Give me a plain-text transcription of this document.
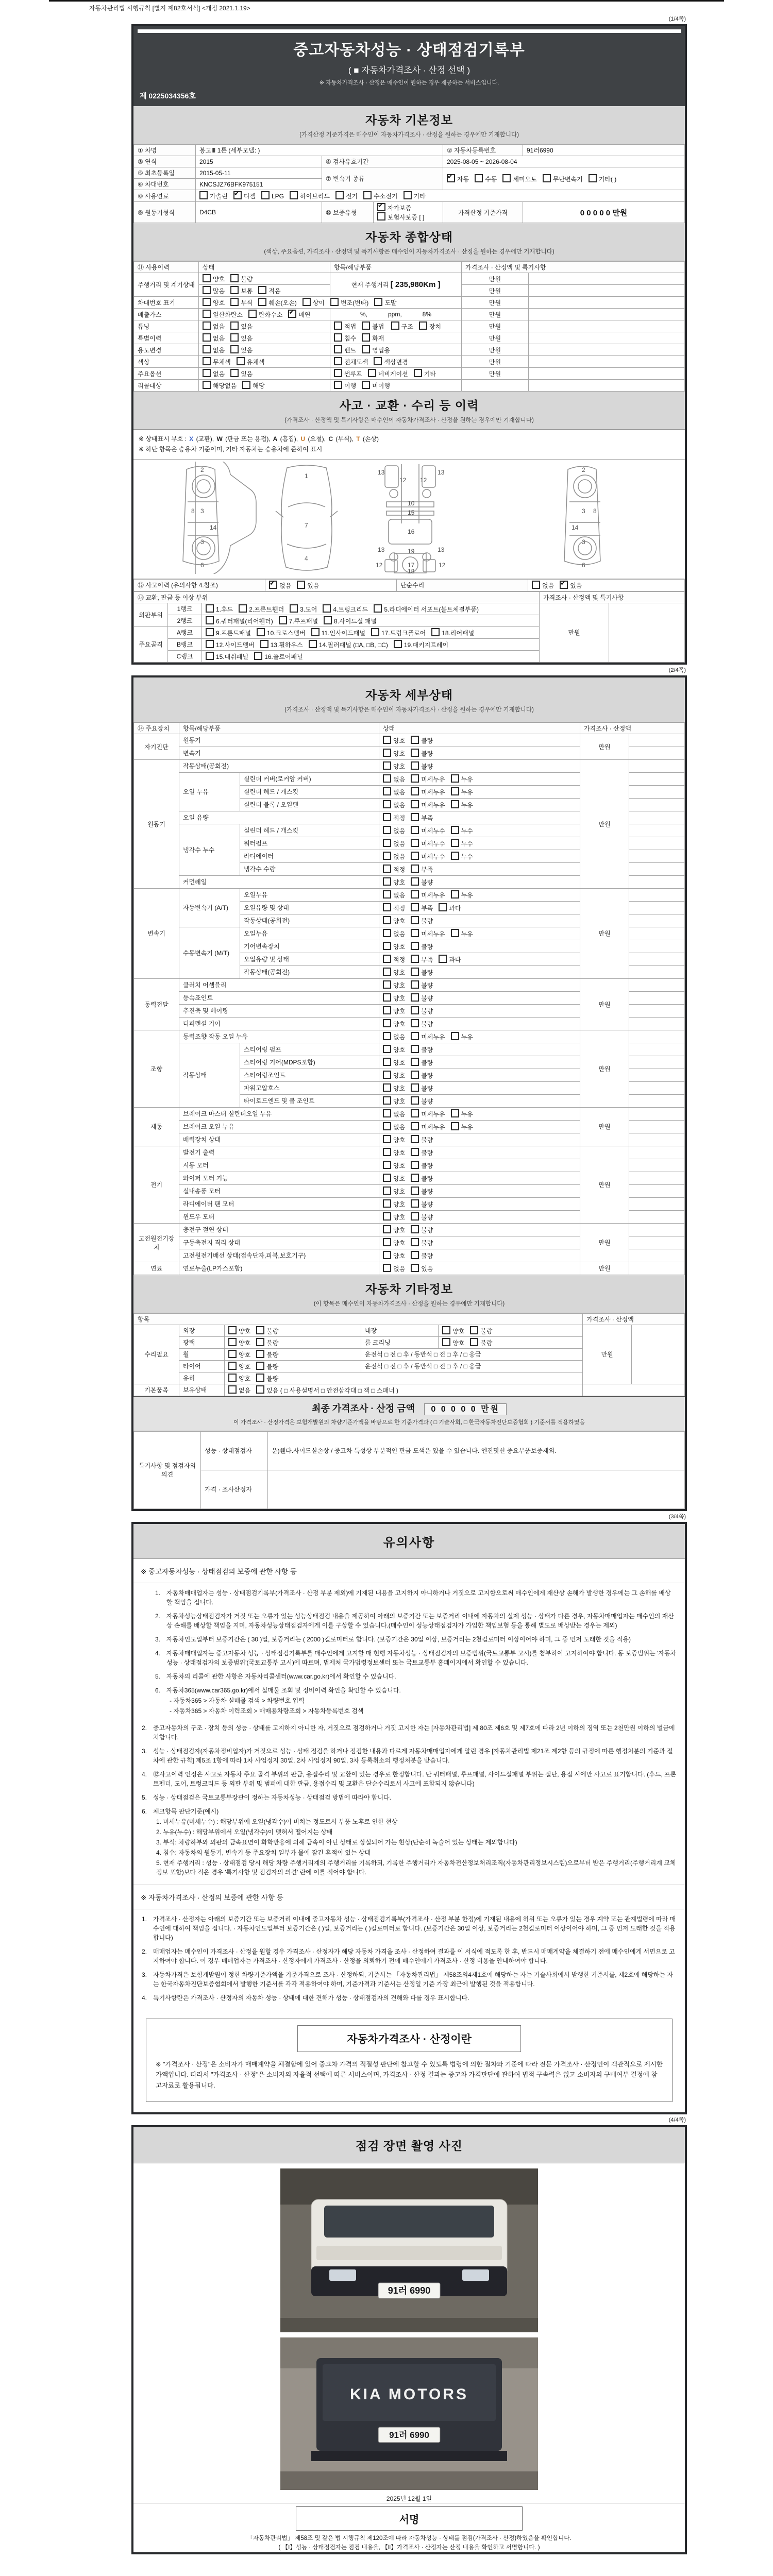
자동차관리법 시행규칙 [별지 제82호서식] <개정 2021.1.19>
(1/4쪽)
중고자동차성능 · 상태점검기록부
( ■ 자동차가격조사 · 산정 선택 )
※ 자동차가격조사 · 산정은 매수인이 원하는 경우 제공하는 서비스입니다.
제 0225034356호
자동차 기본정보
(가격산정 기준가격은 매수인이 자동차가격조사 · 산정을 원하는 경우에만 기재합니다)
① 차명	봉고Ⅲ 1톤 (세부모델: )			② 자동차등록번호	91러6990
③ 연식	2015	④ 검사유효기간		2025-08-05 ~ 2026-08-04	
⑤ 최초등록일	2015-05-11	⑦ 변속기 종류	✔자동 수동 세미오토 무단변속기 기타( )
⑥ 차대번호	KNCSJZ76BFK975151				
⑧ 사용연료	가솔린 ✔ 디젤 LPG 하이브리드 전기 수소전기 기타
⑨ 원동기형식	D4CB	⑩ 보증유형	✔자가보증보험사보증 [ ]	가격산정 기준가격	0 0 0 0 0 만원
자동차 종합상태
(색상, 주요옵션, 가격조사 · 산정액 및 특기사항은 매수인이 자동차가격조사 · 산정을 원하는 경우에만 기재합니다)
⑪ 사용이력	상태	항목/해당부품	가격조사 · 산정액 및 특기사항	
주행거리 및 계기상태	양호 불량	현재 주행거리 [ 235,980Km ]	만원	
	많음 보통 적음		만원	
차대번호 표기	양호 부식 훼손(오손) 상이 변조(변타) 도말		만원	
배출가스	일산화탄소 탄화수소 ✔ 매연	%,            ppm,            8%	만원	
튜닝	없음 있음	적법 불법 구조 장치	만원	
특별이력	없음 있음	침수 화재	만원	
용도변경	없음 있음	렌트 영업용	만원	
색상	무채색 유채색	전체도색 색상변경	만원	
주요옵션	없음 있음	썬루프 네비게이션 기타	만원	
리콜대상	해당없음 해당	이행 미이행		
사고 · 교환 · 수리 등 이력
(가격조사 · 산정액 및 특기사항은 매수인이 자동차가격조사 · 산정을 원하는 경우에만 기재합니다)
※ 상태표시 부호 : X (교환), W (판금 또는 용접), A (흠집), U (요철), C (부식), T (손상)
※ 하단 항목은 승용차 기준이며, 기타 자동차는 승용차에 준하여 표시
2
8 3
14
3
6
1
7
4
13	13
12 12
10
15
16
13	13
19
12	12
17
18
2
8
3
14
3
6
⑫ 사고이력 (유의사항 4.참조)	✔없음	있음	단순수리	없음 ✔	있음
⑬ 교환, 판금 등 이상 부위			가격조사 · 산정액 및 특기사항	
외판부위	1랭크	1.후드 2.프론트휀더 3.도어 4.트렁크리드 5.라디에이터 서포트(볼트체결부품)	만원	
	2랭크	6.쿼터패널(리어휀더) 7.루프패널 8.사이드실 패널		
주요골격	A랭크	9.프론트패널 10.크로스멤버 11.인사이드패널 17.트렁크플로어 18.리어패널		
	B랭크	12.사이드멤버 13.휠하우스 14.필러패널 (□A, □B, □C) 19.패키지트레이		
	C랭크	15.대쉬패널 16.플로어패널		
(2/4쪽)
자동차 세부상태
(가격조사 · 산정액 및 특기사항은 매수인이 자동차가격조사 · 산정을 원하는 경우에만 기재합니다)
⑭ 주요장치	항목/해당부품		상태	가격조사 · 산정액	
자기진단	원동기		양호 불량	만원	
	변속기		양호 불량		
원동기	작동상태(공회전)		양호 불량	만원	
	오일 누유	실린더 커버(로커암 커버)	없음 미세누유 누유		
		실린더 헤드 / 개스킷	없음 미세누유 누유		
		실린더 블록 / 오일팬	없음 미세누유 누유		
	오일 유량		적정 부족		
	냉각수 누수	실린더 헤드 / 개스킷	없음 미세누수 누수		
		워터펌프	없음 미세누수 누수		
		라디에이터	없음 미세누수 누수		
		냉각수 수량	적정 부족		
	커먼레일		양호 불량		
변속기	자동변속기 (A/T)	오일누유	없음 미세누유 누유	만원	
		오일유량 및 상태	적정 부족 과다		
		작동상태(공회전)	양호 불량		
	수동변속기 (M/T)	오일누유	없음 미세누유 누유		
		기어변속장치	양호 불량		
		오일유량 및 상태	적정 부족 과다		
		작동상태(공회전)	양호 불량		
동력전달	클러치 어셈블리		양호 불량	만원	
	등속죠인트		양호 불량		
	추진축 및 베어링		양호 불량		
	디퍼렌셜 기어		양호 불량		
조향	동력조향 작동 오일 누유		없음 미세누유 누유	만원	
	작동상태	스티어링 펌프	양호 불량		
		스티어링 기어(MDPS포함)	양호 불량		
		스티어링조인트	양호 불량		
		파워고압호스	양호 불량		
		타이로드엔드 및 볼 조인트	양호 불량		
제동	브레이크 마스터 실린더오일 누유		없음 미세누유 누유	만원	
	브레이크 오일 누유		없음 미세누유 누유		
	배력장치 상태		양호 불량		
전기	발전기 출력		양호 불량	만원	
	시동 모터		양호 불량		
	와이퍼 모터 기능		양호 불량		
	실내송풍 모터		양호 불량		
	라디에이터 팬 모터		양호 불량		
	윈도우 모터		양호 불량		
고전원전기장치	충전구 절연 상태		양호 불량	만원	
	구동축전지 격리 상태		양호 불량		
	고전원전기배선 상태(접속단자,피복,보호기구)		양호 불량		
연료	연료누출(LP가스포함)		없음 있음	만원	
자동차 기타정보
(이 항목은 매수인이 자동차가격조사 · 산정을 원하는 경우에만 기재합니다)
항목					가격조사 · 산정액	
수리필요	외장	양호 불량	내장	양호 불량	만원	
	광택	양호 불량	룸 크리닝	양호 불량		
	휠	양호 불량	운전석 □ 전 □ 후 / 동반석 □ 전 □ 후 / □ 응급			
	타이어	양호 불량	운전석 □ 전 □ 후 / 동반석 □ 전 □ 후 / □ 응급			
	유리	양호 불량				
기본품목	보유상태	없음 있음 ( □ 사용설명서 □ 안전삼각대 □ 잭 □ 스패너 )				
최종 가격조사 · 산정 금액 0 0 0 0 0 만원
이 가격조사 · 산정가격은 보험개발원의 차량기준가액을 바탕으로 한 기준가격과 ( □ 기술사회, □ 한국자동차진단보증협회 ) 기준서를 적용하였음
특기사항 및 점검자의 의견	성능 · 상태점검자	운)휀다.사이드실손상 / 중고차 특성상 부분적인 판금 도색은 있을 수 있습니다. 엔진밋션 중요부품보증제외.
	가격 · 조사산정자	
(3/4쪽)
유의사항
※ 중고자동차성능 · 상태점검의 보증에 관한 사항 등
1. 자동차매매업자는 성능 · 상태점검기록부(가격조사 · 산정 부분 제외)에 기재된 내용을 고지하지 아니하거나 거짓으로 고지함으로써 매수인에게 재산상 손해가 발생한 경우에는 그 손해를 배상할 책임을 집니다.
2. 자동차성능상태점검자가 거짓 또는 오류가 있는 성능상태점검 내용을 제공하여 아래의 보증기간 또는 보증거리 이내에 자동차의 실제 성능 · 상태가 다른 경우, 자동차매매업자는 매수인의 재산상 손해를 배상할 책임을 지며, 자동차성능상태점검자에게 이를 구상할 수 있습니다.(매수인이 성능상태점검자가 가입한 책임보험 등을 통해 별도로 배상받는 경우는 제외)
3. 자동차인도일부터 보증기간은 ( 30 )일, 보증거리는 ( 2000 )킬로미터로 합니다. (보증기간은 30일 이상, 보증거리는 2천킬로미터 이상이어야 하며, 그 중 먼저 도래한 것을 적용)
4. 자동차매매업자는 중고자동차 성능 · 상태점검기록부를 매수인에게 고지할 때 현행 자동차성능 · 상태점검자의 보증범위(국토교통부 고시)를 첨부하여 고지하여야 합니다. 동 보증범위는 '자동차성능 · 상태점검자의 보증범위'(국토교통부 고시)에 따르며, 법제처 국가법령정보센터 또는 국토교통부 홈페이지에서 확인할 수 있습니다.
5. 자동차의 리콜에 관한 사항은 자동차리콜센터(www.car.go.kr)에서 확인할 수 있습니다.
6. 자동차365(www.car365.go.kr)에서 실매물 조회 및 정비이력 확인을 확인할 수 있습니다.
- 자동차365 > 자동차 실매물 검색 > 차량번호 입력
- 자동차365 > 자동차 이력조회 > 매매용차량조회 > 자동차등록번호 검색
2. 중고자동차의 구조 · 장치 등의 성능 · 상태를 고지하지 아니한 자, 거짓으로 점검하거나 거짓 고지한 자는 [자동차관리법] 제 80조 제6호 및 제7호에 따라 2년 이하의 징역 또는 2천만원 이하의 벌금에 처합니다.
3. 성능 · 상태점검자(자동차정비업자)가 거짓으로 성능 · 상태 점검을 하거나 점검한 내용과 다르게 자동차매매업자에게 알린 경우 [자동차관리법 제21조 제2항 등의 규정에 따른 행정처분의 기준과 절차에 관한 규칙] 제5조 1항에 따라 1차 사업정지 30일, 2차 사업정지 90일, 3차 등록취소의 행정처분을 받습니다.
4. ⑫사고이력 인정은 사고로 자동차 주요 골격 부위의 판금, 용접수리 및 교환이 있는 경우로 한정합니다. 단 쿼터패널, 루프패널, 사이드실패널 부위는 절단, 용접 시에만 사고로 표기합니다. (후드, 프론트펜더, 도어, 트렁크리드 등 외판 부위 및 범퍼에 대한 판금, 용접수리 및 교환은 단순수리로서 사고에 포함되지 않습니다)
5. 성능 · 상태점검은 국토교통부장관이 정하는 자동차성능 · 상태점검 방법에 따라야 합니다.
6. 체크항목 판단기준(예시)
1. 미세누유(미세누수) : 해당부위에 오일(냉각수)이 비치는 정도로서 부품 노후로 인한 현상
2. 누유(누수) : 해당부위에서 오일(냉각수)이 맺혀서 떨어지는 상태
3. 부식: 차량하부와 외판의 금속표면이 화학반응에 의해 금속이 아닌 상태로 상실되어 가는 현상(단순히 녹슬어 있는 상태는 제외합니다)
4. 침수: 자동차의 원동기, 변속기 등 주요장치 일부가 물에 잠긴 흔적이 있는 상태
5. 현재 주행거리 : 성능 · 상태점검 당시 해당 차량 주행거리계의 주행거리를 기록하되, 기록한 주행거리가 자동차전산정보처리조직(자동차관리정보시스템)으로부터 받은 주행거리(주행거리계 교체 정보 포함)보다 적은 경우 '특기사항 및 점검자의 의견' 란에 이를 적어야 합니다.
※ 자동차가격조사 · 산정의 보증에 관한 사항 등
1. 가격조사 · 산정자는 아래의 보증기간 또는 보증거리 이내에 중고자동차 성능 · 상태점검기록부(가격조사 · 산정 부분 한정)에 기재된 내용에 허위 또는 오류가 있는 경우 계약 또는 관계법령에 따라 매수인에 대하여 책임을 집니다. · 자동차인도일부터 보증기간은 ( )일, 보증거리는 ( )킬로미터로 합니다. (보증기간은 30일 이상, 보증거리는 2천킬로미터 이상이어야 하며, 그 중 먼저 도래한 것을 적용합니다)
2. 매매업자는 매수인이 가격조사 · 산정을 원할 경우 가격조사 · 산정자가 해당 자동차 가격을 조사 · 산정하여 결과를 이 서식에 적도록 한 후, 반드시 매매계약을 체결하기 전에 매수인에게 서면으로 고지하여야 합니다. 이 경우 매매업자는 가격조사 · 산정자에게 가격조사 · 산정을 의뢰하기 전에 매수인에게 가격조사 · 산정 비용을 안내하여야 합니다.
3. 자동차가격은 보험개발원이 정한 차량기준가액을 기준가격으로 조사 · 산정하되, 기준서는 「자동차관리법」 제58조의4제1호에 해당하는 자는 기술사회에서 발행한 기준서를, 제2호에 해당하는 자는 한국자동차진단보증협회에서 발행한 기준서를 각각 적용하여야 하며, 기준가격과 기준서는 산정일 기준 가장 최근에 발행된 것을 적용합니다.
4. 특기사항란은 가격조사 · 산정자의 자동차 성능 · 상태에 대한 견해가 성능 · 상태점검자의 견해와 다를 경우 표시합니다.
자동차가격조사 · 산정이란
※ "가격조사 · 산정"은 소비자가 매매계약을 체결함에 있어 중고차 가격의 적절성 판단에 참고할 수 있도록 법령에 의한 절차와 기준에 따라 전문 가격조사 · 산정인이 객관적으로 제시한 가액입니다. 따라서 "가격조사 · 산정"은 소비자의 자율적 선택에 따른 서비스이며, 가격조사 · 산정 결과는 중고차 가격판단에 관하여 법적 구속력은 없고 소비자의 구매여부 결정에 참고자료로 활용됩니다.
(4/4쪽)
점검 장면 촬영 사진
91러 6990
KIA MOTORS
91러 6990
2025년 12월 1일
서명
「자동차관리법」 제58조 및 같은 법 시행규칙 제120조에 따라 자동차성능 · 상태를 점검(가격조사 · 산정)하였음을 확인합니다.
( 【Ⅰ】성능 · 상태점검자는 점검 내용을, 【Ⅱ】가격조사 · 산정자는 산정 내용을 확인하고 서명합니다. )
